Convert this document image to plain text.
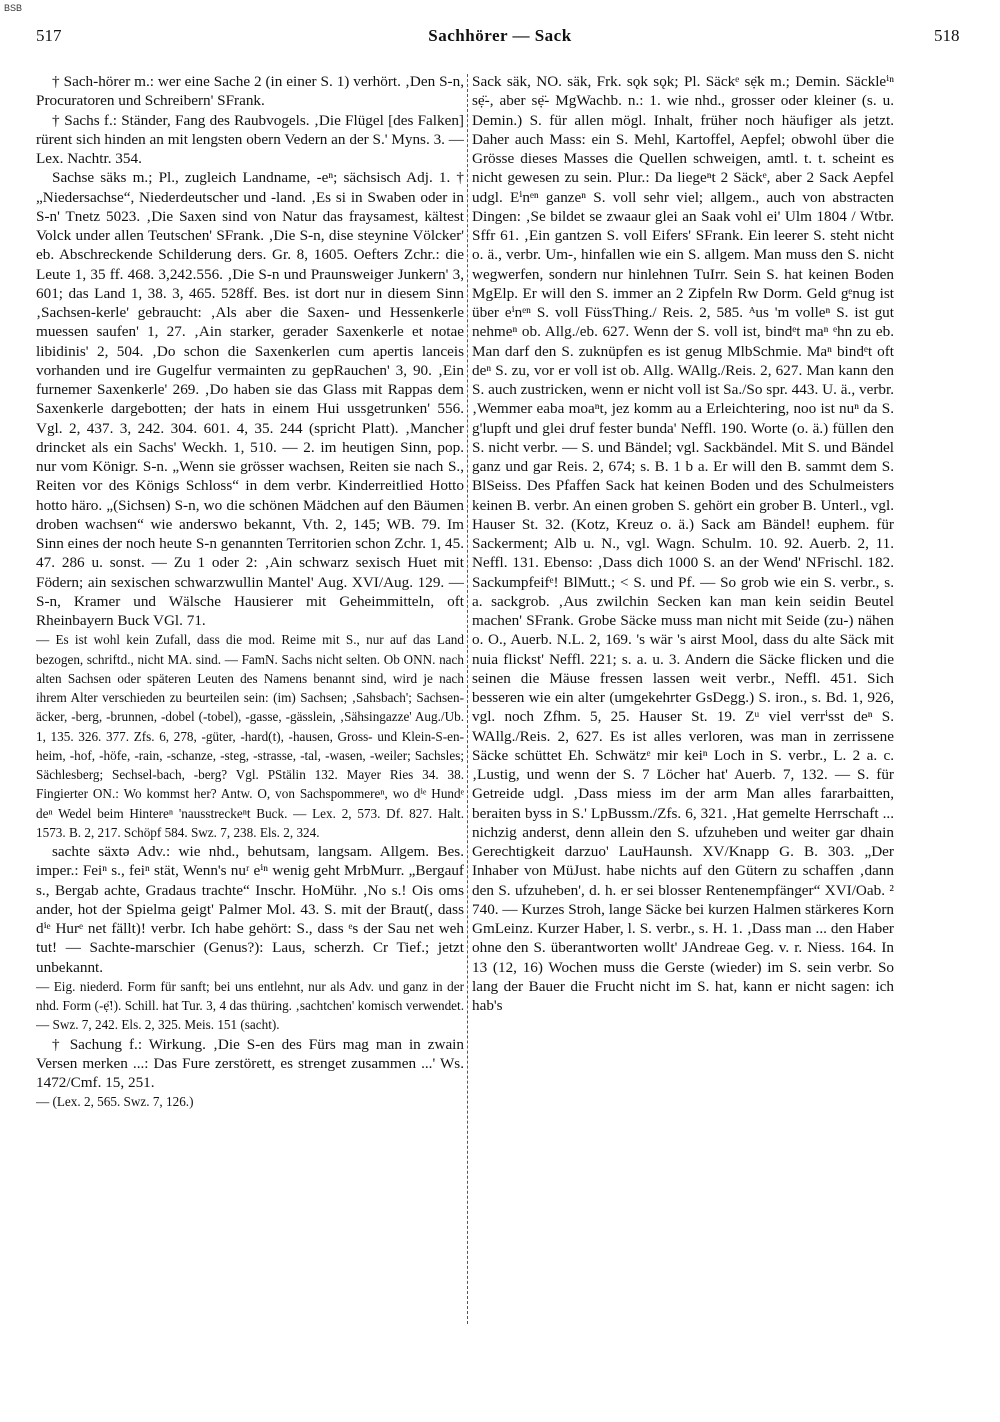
BSB
517	Sachhörer — Sack	518

† Sach-hörer m.: wer eine Sache 2 (in einer S. 1) verhört. ‚Den S-n, Procuratoren und Schreibern' SFrank.

† Sachs f.: Ständer, Fang des Raubvogels. ‚Die Flügel [des Falken] rürent sich hinden an mit lengsten obern Vedern an der S.' Myns. 3. — Lex. Nachtr. 354.

Sachse säks m.; Pl., zugleich Landname, -eⁿ; sächsisch Adj. 1. † „Niedersachse“, Niederdeutscher und -land. ‚Es si in Swaben oder in S-n' Tnetz 5023. ‚Die Saxen sind von Natur das fraysamest, kältest Volck under allen Teutschen' SFrank. ‚Die S-n, dise steynine Völcker' eb. Abschreckende Schilderung ders. Gr. 8, 1605. Oefters Zchr.: die Leute 1, 35 ff. 468. 3,242.556. ‚Die S-n und Praunsweiger Junkern' 3, 601; das Land 1, 38. 3, 465. 528ff. Bes. ist dort nur in diesem Sinn ‚Sachsen-kerle' gebraucht: ‚Als aber die Saxen- und Hessenkerle muessen saufen' 1, 27. ‚Ain starker, gerader Saxenkerle et notae libidinis' 2, 504. ‚Do schon die Saxenkerlen cum apertis lanceis vorhanden und ire Gugelfur vermainten zu gepRauchen' 3, 90. ‚Ein furnemer Saxenkerle' 269. ‚Do haben sie das Glass mit Rappas dem Saxenkerle dargebotten; der hats in einem Hui ussgetrunken' 556. Vgl. 2, 437. 3, 242. 304. 601. 4, 35. 244 (spricht Platt). ‚Mancher drincket als ein Sachs' Weckh. 1, 510. — 2. im heutigen Sinn, pop. nur vom Königr. S-n. „Wenn sie grösser wachsen, Reiten sie nach S., Reiten vor des Königs Schloss“ in dem verbr. Kinderreitlied Hotto hotto häro. „(Sichsen) S-n, wo die schönen Mädchen auf den Bäumen droben wachsen“ wie anderswo bekannt, Vth. 2, 145; WB. 79. Im Sinn eines der noch heute S-n genannten Territorien schon Zchr. 1, 45. 47. 286 u. sonst. — Zu 1 oder 2: ‚Ain schwarz sexisch Huet mit Födern; ain sexischen schwarzwullin Mantel' Aug. XVI/Aug. 129. — S-n, Kramer und Wälsche Hausierer mit Geheimmitteln, oft Rheinbayern Buck VGl. 71.

— Es ist wohl kein Zufall, dass die mod. Reime mit S., nur auf das Land bezogen, schriftd., nicht MA. sind. — FamN. Sachs nicht selten. Ob ONN. nach alten Sachsen oder späteren Leuten des Namens benannt sind, wird je nach ihrem Alter verschieden zu beurteilen sein: (im) Sachsen; ‚Sahsbach'; Sachsen-äcker, -berg, -brunnen, -dobel (-tobel), -gasse, -gässlein, ‚Sähsingazze' Aug./Ub. 1, 135. 326. 377. Zfs. 6, 278, -güter, -hard(t), -hausen, Gross- und Klein-S-en-heim, -hof, -höfe, -rain, -schanze, -steg, -strasse, -tal, -wasen, -weiler; Sachsles; Sächlesberg; Sechsel-bach, -berg? Vgl. PStälin 132. Mayer Ries 34. 38. Fingierter ON.: Wo kommst her? Antw. O, von Sachspommereⁿ, wo dⁱᵉ Hundᵉ deⁿ Wedel beim Hintereⁿ 'nausstreckeⁿt Buck. — Lex. 2, 573. Df. 827. Halt. 1573. B. 2, 217. Schöpf 584. Swz. 7, 238. Els. 2, 324.

sachte säxtǝ Adv.: wie nhd., behutsam, langsam. Allgem. Bes. imper.: Feiⁿ s., feiⁿ stät, Wenn's nuʳ eⁱⁿ wenig geht MrbMurr. „Bergauf s., Bergab achte, Gradaus trachte“ Inschr. HoMühr. ‚No s.! Ois oms ander, hot der Spielma geigt' Palmer Mol. 43. S. mit der Braut(, dass dⁱᵉ Hurᵉ net fällt)! verbr. Ich habe gehört: S., dass ᵉs der Sau net weh tut! — Sachte-marschier (Genus?): Laus, scherzh. Cr Tief.; jetzt unbekannt.

— Eig. niederd. Form für sanft; bei uns entlehnt, nur als Adv. und ganz in der nhd. Form (-ẹ̈!). Schill. hat Tur. 3, 4 das thüring. ‚sachtchen' komisch verwendet. — Swz. 7, 242. Els. 2, 325. Meis. 151 (sacht).

† Sachung f.: Wirkung. ‚Die S-en des Fürs mag man in zwain Versen merken ...: Das Fure zerstörett, es strenget zusammen ...' Ws. 1472/Cmf. 15, 251.

— (Lex. 2, 565. Swz. 7, 126.)

Sack säk, NO. säk, Frk. sǫk sǫk; Pl. Säckᵉ sẹ̈k m.; Demin. Säckleⁱⁿ sẹ̈-, aber sẹ̈- MgWachb. n.: 1. wie nhd., grosser oder kleiner (s. u. Demin.) S. für allen mögl. Inhalt, früher noch häufiger als jetzt. Daher auch Mass: ein S. Mehl, Kartoffel, Aepfel; obwohl über die Grösse dieses Masses die Quellen schweigen, amtl. t. t. scheint es nicht gewesen zu sein. Plur.: Da liegeⁿt 2 Säckᵉ, aber 2 Sack Aepfel udgl. Eⁱnᵉⁿ ganzeⁿ S. voll sehr viel; allgem., auch von abstracten Dingen: ‚Se bildet se zwaaur glei an Saak vohl ei' Ulm 1804 / Wtbr. Sffr 61. ‚Ein gantzen S. voll Eifers' SFrank. Ein leerer S. steht nicht o. ä., verbr. Um-, hinfallen wie ein S. allgem. Man muss den S. nicht wegwerfen, sondern nur hinlehnen TuIrr. Sein S. hat keinen Boden MgElp. Er will den S. immer an 2 Zipfeln Rw Dorm. Geld gᵉnug ist über eⁱnᵉⁿ S. voll FüssThing./ Reis. 2, 585. ᴬus 'm volleⁿ S. ist gut nehmeⁿ ob. Allg./eb. 627. Wenn der S. voll ist, bindᵉt maⁿ ᵉhn zu eb. Man darf den S. zuknüpfen es ist genug MlbSchmie. Maⁿ bindᵉt oft deⁿ S. zu, vor er voll ist ob. Allg. WAllg./Reis. 2, 627. Man kann den S. auch zustricken, wenn er nicht voll ist Sa./So spr. 443. U. ä., verbr. ‚Wemmer eaba moaⁿt, jez komm au a Erleichtering, noo ist nuⁿ da S. g'lupft und glei druf fester bunda' Neffl. 190. Worte (o. ä.) füllen den S. nicht verbr. — S. und Bändel; vgl. Sackbändel. Mit S. und Bändel ganz und gar Reis. 2, 674; s. B. 1 b a. Er will den B. sammt dem S. BlSeiss. Des Pfaffen Sack hat keinen Boden und des Schulmeisters keinen B. verbr. An einen groben S. gehört ein grober B. Unterl., vgl. Hauser St. 32. (Kotz, Kreuz o. ä.) Sack am Bändel! euphem. für Sackerment; Alb u. N., vgl. Wagn. Schulm. 10. 92. Auerb. 2, 11. Neffl. 131. Ebenso: ‚Dass dich 1000 S. an der Wend' NFrischl. 182. Sackumpfeifᵉ! BlMutt.; < S. und Pf. — So grob wie ein S. verbr., s. a. sackgrob. ‚Aus zwilchin Secken kan man kein seidin Beutel machen' SFrank. Grobe Säcke muss man nicht mit Seide (zu-) nähen o. O., Auerb. N.L. 2, 169. 's wär 's airst Mool, dass du alte Säck mit nuia flickst' Neffl. 221; s. a. u. 3. Andern die Säcke flicken und die seinen die Mäuse fressen lassen weit verbr., Neffl. 451. Sich besseren wie ein alter (umgekehrter GsDegg.) S. iron., s. Bd. 1, 926, vgl. noch Zfhm. 5, 25. Hauser St. 19. Zᵘ viel verrⁱsst deⁿ S. WAllg./Reis. 2, 627. Es ist alles verloren, was man in zerrissene Säcke schüttet Eh. Schwätzᵉ mir keiⁿ Loch in S. verbr., L. 2 a. c. ‚Lustig, und wenn der S. 7 Löcher hat' Auerb. 7, 132. — S. für Getreide udgl. ‚Dass miess im der arm Man alles fararbaitten, beraiten byss in S.' LpBussm./Zfs. 6, 321. ‚Hat gemelte Herrschaft ... nichzig anderst, denn allein den S. ufzuheben und weiter gar dhain Gerechtigkeit darzuo' LauHaunsh. XV/Knapp G. B. 303. „Der Inhaber von MüJust. habe nichts auf den Gütern zu schaffen ‚dann den S. ufzuheben', d. h. er sei blosser Rentenempfänger“ XVI/Oab. ² 740. — Kurzes Stroh, lange Säcke bei kurzen Halmen stärkeres Korn GmLeinz. Kurzer Haber, l. S. verbr., s. H. 1. ‚Dass man ... den Haber ohne den S. überantworten wollt' JAndreae Geg. v. r. Niess. 164. In 13 (12, 16) Wochen muss die Gerste (wieder) im S. sein verbr. So lang der Bauer die Frucht nicht im S. hat, kann er nicht sagen: ich hab's
